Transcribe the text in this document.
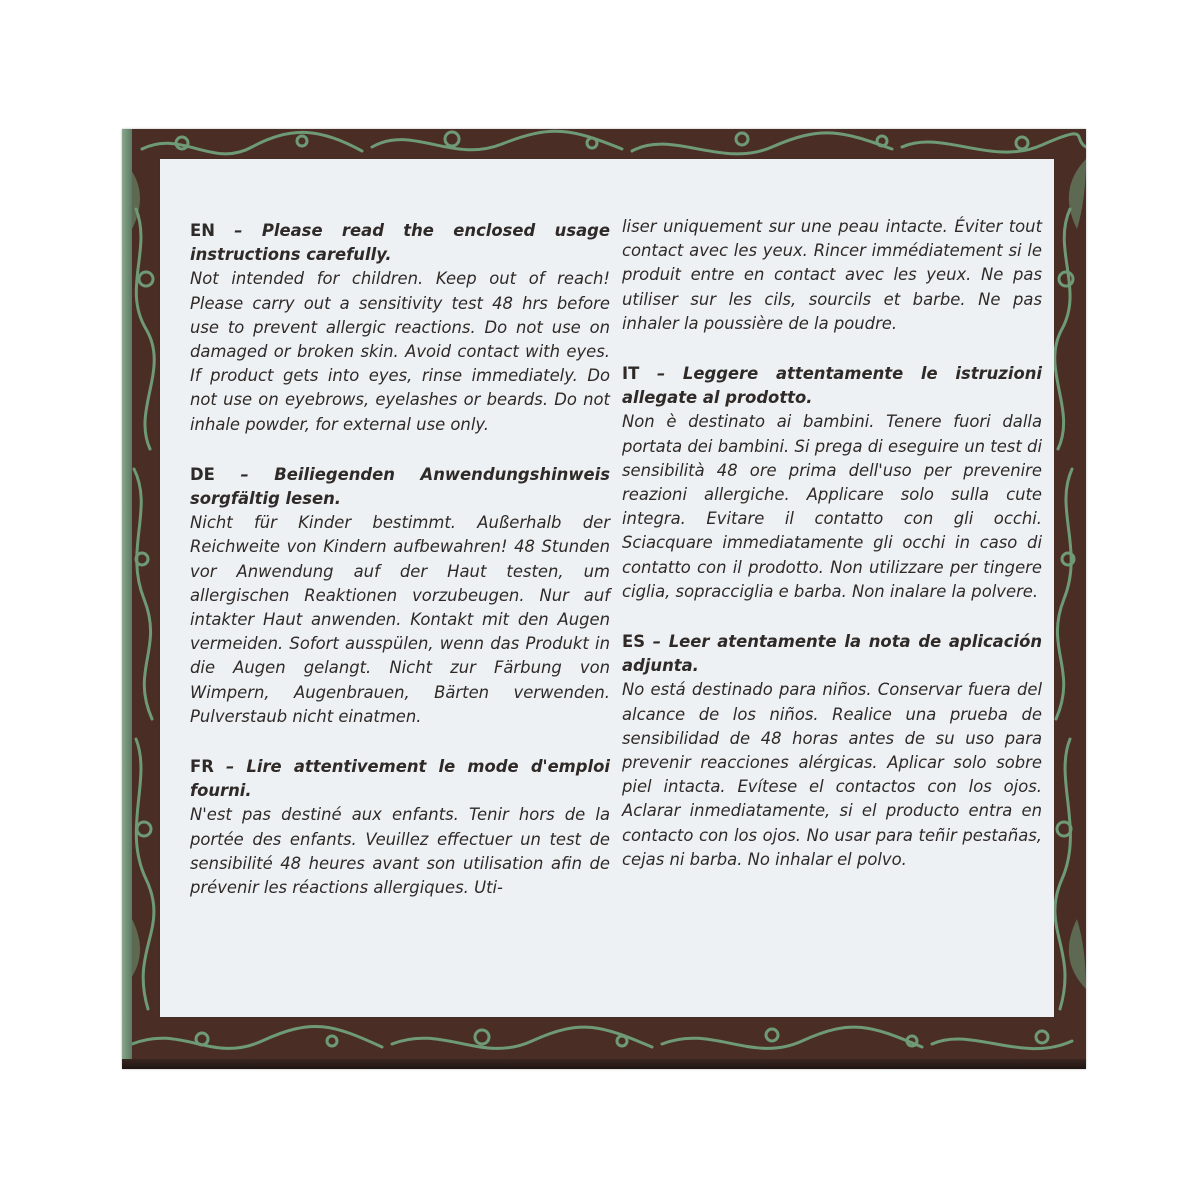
EN – Please read the enclosed usage instructions carefully.
Not intended for children. Keep out of reach! Please carry out a sensitivity test 48 hrs before use to prevent allergic reactions. Do not use on damaged or broken skin. Avoid contact with eyes. If product gets into eyes, rinse immediately. Do not use on eyebrows, eyelashes or beards. Do not inhale powder, for external use only.
DE – Beiliegenden Anwendungshinweis sorgfältig lesen.
Nicht für Kinder bestimmt. Außerhalb der Reichweite von Kindern aufbewahren! 48 Stunden vor Anwendung auf der Haut testen, um allergischen Reaktionen vorzubeugen. Nur auf intakter Haut anwenden. Kontakt mit den Augen vermeiden. Sofort ausspülen, wenn das Produkt in die Augen gelangt. Nicht zur Färbung von Wimpern, Augenbrauen, Bärten verwenden. Pulverstaub nicht einatmen.
FR – Lire attentivement le mode d'emploi fourni.
N'est pas destiné aux enfants. Tenir hors de la portée des enfants. Veuillez effectuer un test de sensibilité 48 heures avant son utilisation afin de prévenir les réactions allergiques. Uti-
liser uniquement sur une peau intacte. Éviter tout contact avec les yeux. Rincer immédiatement si le produit entre en contact avec les yeux. Ne pas utiliser sur les cils, sourcils et barbe. Ne pas inhaler la poussière de la poudre.
IT – Leggere attentamente le istruzioni allegate al prodotto.
Non è destinato ai bambini. Tenere fuori dalla portata dei bambini. Si prega di eseguire un test di sensibilità 48 ore prima dell'uso per prevenire reazioni allergiche. Applicare solo sulla cute integra. Evitare il contatto con gli occhi. Sciacquare immediatamente gli occhi in caso di contatto con il prodotto. Non utilizzare per tingere ciglia, sopracciglia e barba. Non inalare la polvere.
ES – Leer atentamente la nota de aplicación adjunta.
No está destinado para niños. Conservar fuera del alcance de los niños. Realice una prueba de sensibilidad de 48 horas antes de su uso para prevenir reacciones alérgicas. Aplicar solo sobre piel intacta. Evítese el contactos con los ojos. Aclarar inmediatamente, si el producto entra en contacto con los ojos. No usar para teñir pestañas, cejas ni barba. No inhalar el polvo.
